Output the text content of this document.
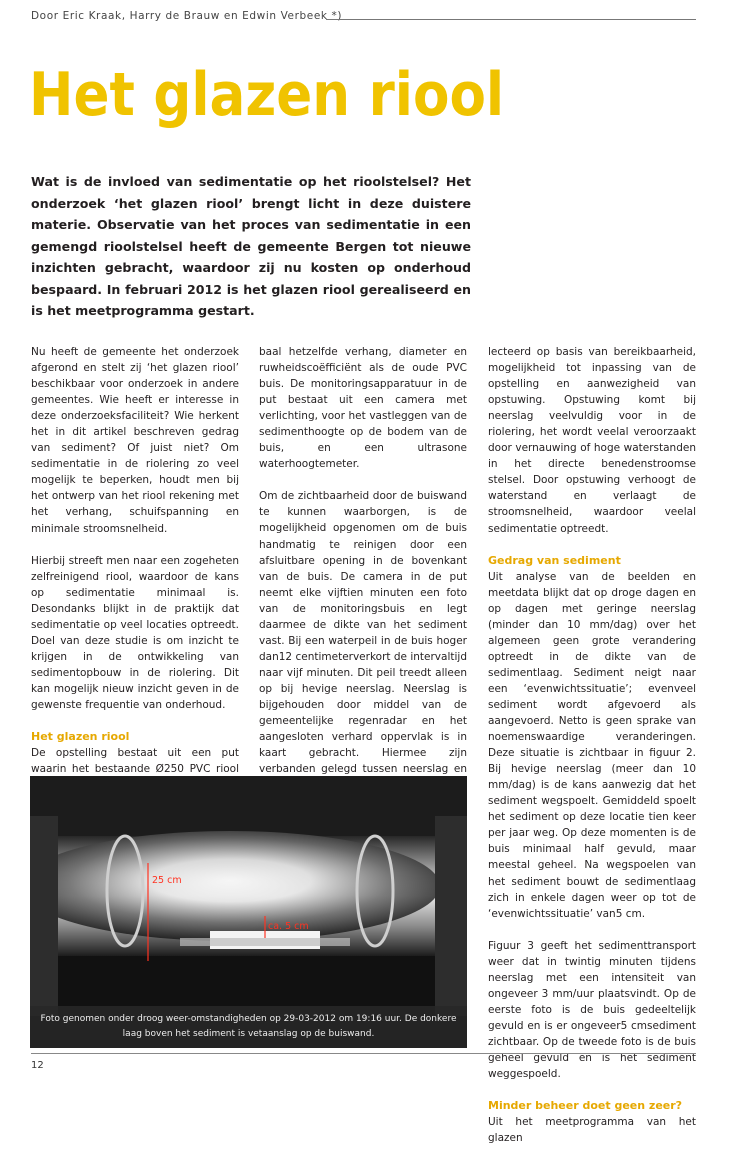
Door Eric Kraak, Harry de Brauw en Edwin Verbeek *)
Het glazen riool

Wat is de invloed van sedimentatie op het rioolstelsel? Het onderzoek ‘het glazen riool’ brengt licht in deze duistere materie. Observatie van het proces van sedimentatie in een gemengd rioolstelsel heeft de gemeente Bergen tot nieuwe inzichten gebracht, waardoor zij nu kosten op onderhoud bespaard. In februari 2012 is het glazen riool gerealiseerd en is het meetprogramma gestart.

Nu heeft de gemeente het onderzoek afgerond en stelt zij ‘het glazen riool’ beschikbaar voor onderzoek in andere gemeentes. Wie heeft er interesse in deze onderzoeksfaciliteit? Wie herkent het in dit artikel beschreven gedrag van sediment? Of juist niet? Om sedimentatie in de riolering zo veel mogelijk te beperken, houdt men bij het ontwerp van het riool rekening met het verhang, schuifspanning en minimale stroomsnelheid.

Hierbij streeft men naar een zogeheten zelfreinigend riool, waardoor de kans op sedimentatie minimaal is. Desondanks blijkt in de praktijk dat sedimentatie op veel locaties optreedt. Doel van deze studie is om inzicht te krijgen in de ontwikkeling van sedimentopbouw in de riolering. Dit kan mogelijk nieuw inzicht geven in de gewenste frequentie van onderhoud.

Het glazen riool

De opstelling bestaat uit een put waarin het bestaande Ø250 PVC riool

baal hetzelfde verhang, diameter en ruwheidscoëfficiënt als de oude PVC buis. De monitoringsapparatuur in de put bestaat uit een camera met verlichting, voor het vastleggen van de sedimenthoogte op de bodem van de buis, en een ultrasone waterhoogtemeter.

Om de zichtbaarheid door de buiswand te kunnen waarborgen, is de mogelijkheid opgenomen om de buis handmatig te reinigen door een afsluitbare opening in de bovenkant van de buis. De camera in de put neemt elke vijftien minuten een foto van de monitoringsbuis en legt daarmee de dikte van het sediment vast. Bij een waterpeil in de buis hoger dan12 centimeterverkort de intervaltijd naar vijf minuten. Dit peil treedt alleen op bij hevige neerslag. Neerslag is bijgehouden door middel van de gemeentelijke regenradar en het aangesloten verhard oppervlak is in kaart gebracht. Hiermee zijn verbanden gelegd tussen neerslag en

lecteerd op basis van bereikbaarheid, mogelijkheid tot inpassing van de opstelling en aanwezigheid van opstuwing. Opstuwing komt bij neerslag veelvuldig voor in de riolering, het wordt veelal veroorzaakt door vernauwing of hoge waterstanden in het directe benedenstroomse stelsel. Door opstuwing verhoogt de waterstand en verlaagt de stroomsnelheid, waardoor veelal sedimentatie optreedt.

Gedrag van sediment

Uit analyse van de beelden en meetdata blijkt dat op droge dagen en op dagen met geringe neerslag (minder dan 10 mm/dag) over het algemeen geen grote verandering optreedt in de dikte van de sedimentlaag. Sediment neigt naar een ‘evenwichtssituatie’; evenveel sediment wordt afgevoerd als aangevoerd. Netto is geen sprake van noemenswaardige veranderingen. Deze situatie is zichtbaar in figuur 2. Bij hevige neerslag (meer dan 10 mm/dag) is de kans aanwezig dat het sediment wegspoelt. Gemiddeld spoelt het sediment op deze locatie tien keer per jaar weg. Op deze momenten is de buis minimaal half gevuld, maar meestal geheel. Na wegspoelen van het sediment bouwt de sedimentlaag zich in enkele dagen weer op tot de ‘evenwichtssituatie’ van5 cm.

Figuur 3 geeft het sedimenttransport weer dat in twintig minuten tijdens neerslag met een intensiteit van ongeveer 3 mm/uur plaatsvindt. Op de eerste foto is de buis gedeeltelijk gevuld en is er ongeveer5 cmsediment zichtbaar. Op de tweede foto is de buis geheel gevuld en is het sediment weggespoeld.

Minder beheer doet geen zeer?

Uit het meetprogramma van het glazen

25 cm
ca. 5 cm
Foto genomen onder droog weer-omstandigheden op 29-03-2012 om 19:16 uur. De donkere laag boven het sediment is vetaanslag op de buiswand.
12
